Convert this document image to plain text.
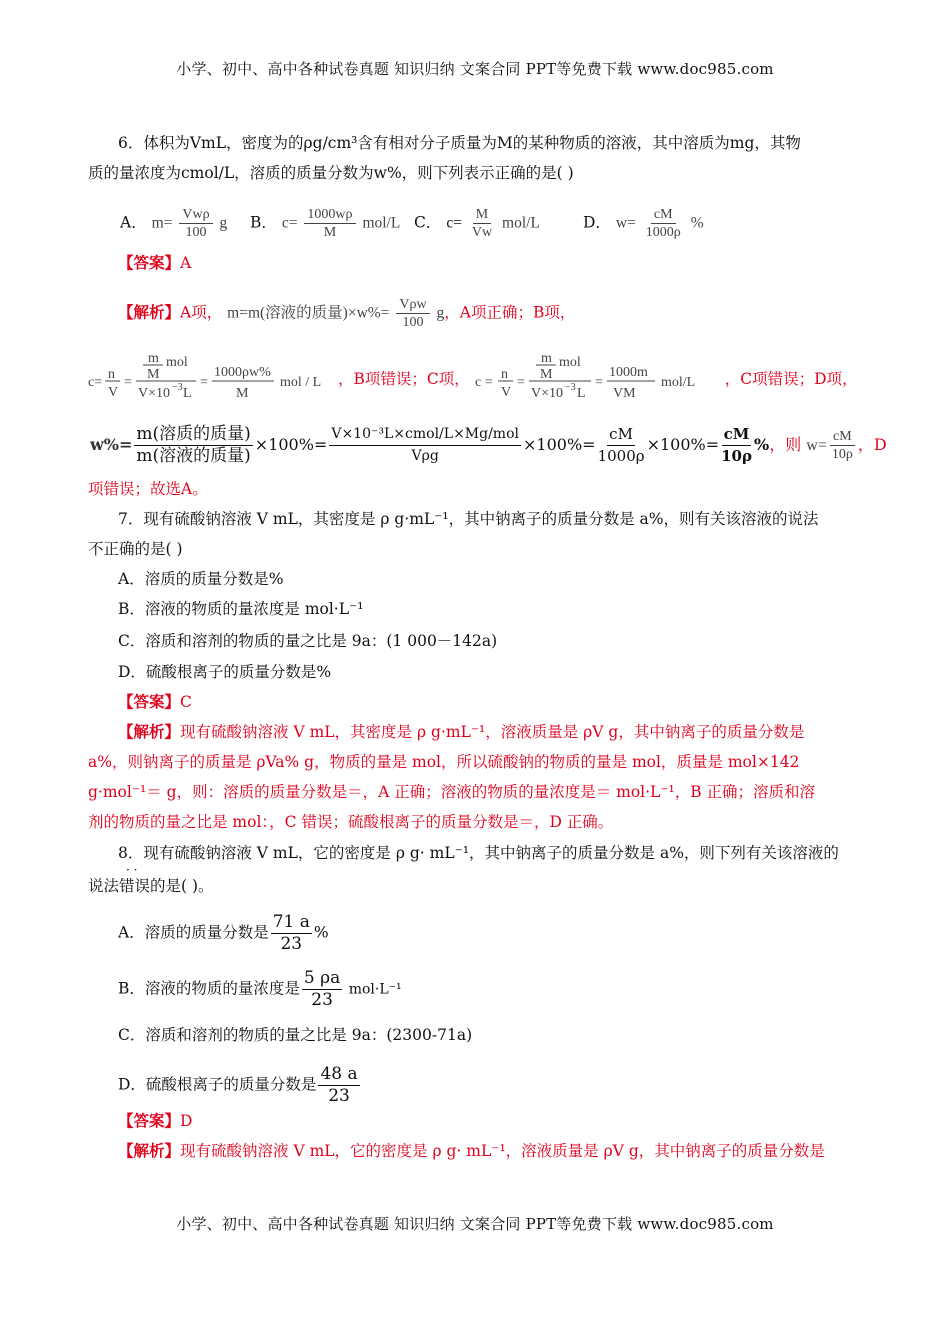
小学、初中、高中各种试卷真题 知识归纳 文案合同 PPT等免费下载 www.doc985.com
6．体积为VmL，密度为的ρg/cm³含有相对分子质量为M的某种物质的溶液，其中溶质为mg，其物
质的量浓度为cmol/L，溶质的质量分数为w%，则下列表示正确的是( )
A． $m= \frac{\text{Vwρ}}{100}$ g B． $c= \frac{1000w\rho}{M} mol/L$ C． $c= \frac{M}{Vw} mol/L$	D． $w= \frac{cM}{1000\rho}$ %
【答案】A
【解析】A项， m=m(溶液的质量)$\times w\%= \frac{\text{Vρw}}{100}$ g，A项正确；B项，
c=
n
V
=
m
M
mol
V×10 −3 L
=
1000ρw%
M
mol / L ，B项错误；C项， c =
n
V
=
m
M
mol
V×10 −3 L
=
1000m
VM
mol/L ，C项错误；D项，
w%=
m(溶质的质量)
m(溶液的质量)
×100%=
V×10⁻³L×cmol/L×Mg/mol
Vρg
$\times 100\%= \frac{cM}{1000\rho} \times 100\%= \frac{cM}{10\rho}$ %，则 $w= \frac{cM}{10\rho}$ ，D
项错误；故选A。
7．现有硫酸钠溶液 V mL，其密度是 ρ g·mL⁻¹，其中钠离子的质量分数是 a%，则有关该溶液的说法
不正确的是( )
A．溶质的质量分数是%
B．溶液的物质的量浓度是 mol·L⁻¹
C．溶质和溶剂的物质的量之比是 9a：(1 000－142a)
D．硫酸根离子的质量分数是%
【答案】C
【解析】现有硫酸钠溶液 V mL，其密度是 ρ g·mL⁻¹，溶液质量是 ρV g，其中钠离子的质量分数是
a%，则钠离子的质量是 ρVa% g，物质的量是 mol，所以硫酸钠的物质的量是 mol，质量是 mol×142
g·mol⁻¹＝ g，则：溶质的质量分数是＝，A 正确；溶液的物质的量浓度是＝ mol·L⁻¹，B 正确；溶质和溶
剂的物质的量之比是 mol：，C 错误；硫酸根离子的质量分数是＝，D 正确。
8．现有硫酸钠溶液 V mL，它的密度是 ρ g· mL⁻¹，其中钠离子的质量分数是 a%，则下列有关该溶液的
· ·
说法错误的是( )。
A．溶质的质量分数是 $\frac{71 a}{23}$ %
B．溶液的物质的量浓度是 $\frac{5 \rho a}{23} mol\cdot L^{-1}$
C．溶质和溶剂的物质的量之比是 9a：(2300-71a)
D．硫酸根离子的质量分数是 $\frac{48 a}{23}$
【答案】D
【解析】现有硫酸钠溶液 V mL，它的密度是 ρ g· mL⁻¹，溶液质量是 ρV g，其中钠离子的质量分数是
小学、初中、高中各种试卷真题 知识归纳 文案合同 PPT等免费下载 www.doc985.com
